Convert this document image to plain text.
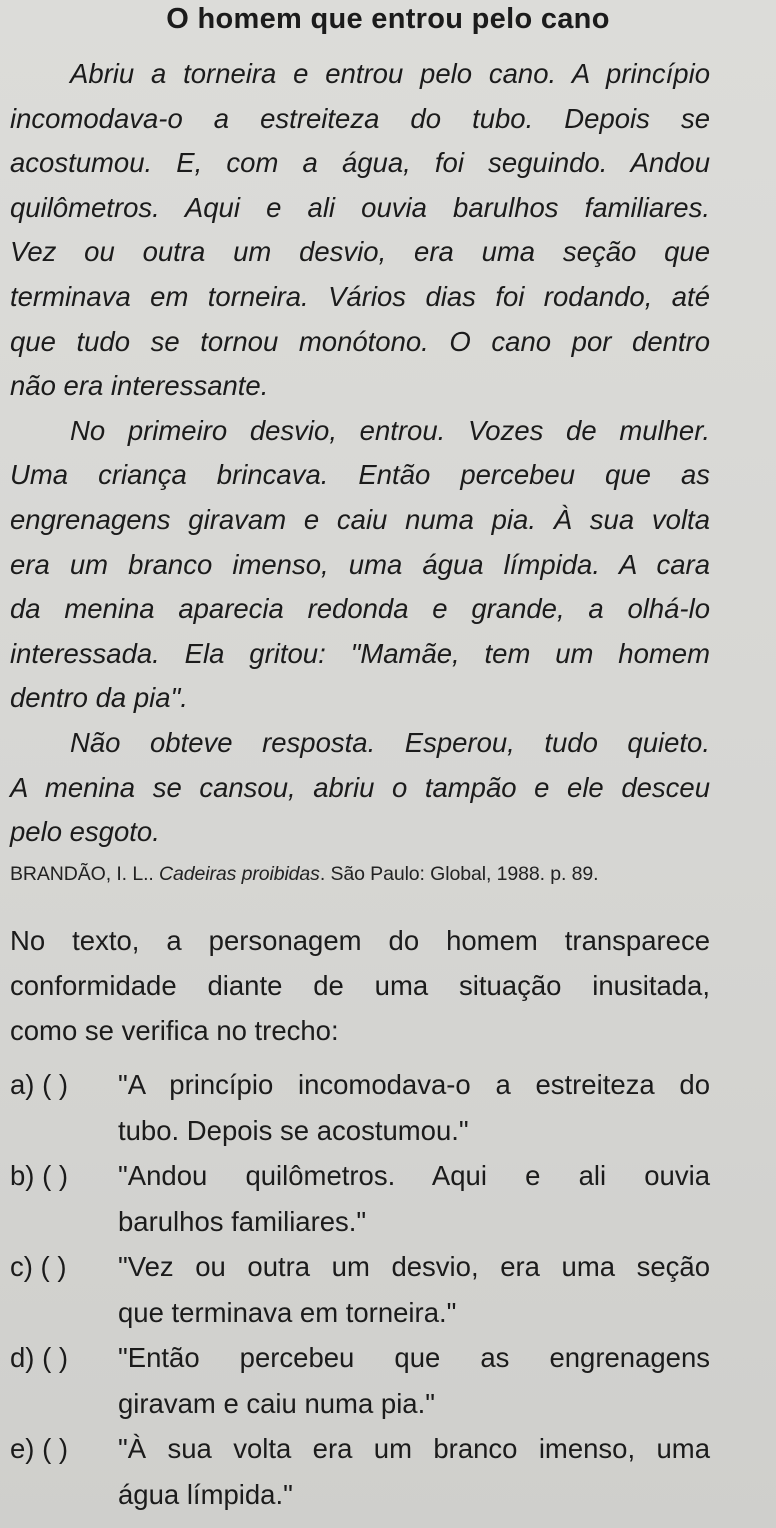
O homem que entrou pelo cano
Abriu a torneira e entrou pelo cano. A princípio
incomodava-o a estreiteza do tubo. Depois se
acostumou. E, com a água, foi seguindo. Andou
quilômetros. Aqui e ali ouvia barulhos familiares.
Vez ou outra um desvio, era uma seção que
terminava em torneira. Vários dias foi rodando, até
que tudo se tornou monótono. O cano por dentro
não era interessante.
No primeiro desvio, entrou. Vozes de mulher.
Uma criança brincava. Então percebeu que as
engrenagens giravam e caiu numa pia. À sua volta
era um branco imenso, uma água límpida. A cara
da menina aparecia redonda e grande, a olhá-lo
interessada. Ela gritou: "Mamãe, tem um homem
dentro da pia".
Não obteve resposta. Esperou, tudo quieto.
A menina se cansou, abriu o tampão e ele desceu
pelo esgoto.
BRANDÃO, I. L.. Cadeiras proibidas. São Paulo: Global, 1988. p. 89.
No texto, a personagem do homem transparece
conformidade diante de uma situação inusitada,
como se verifica no trecho:
a) ( )	"A princípio incomodava-o a estreiteza do
tubo. Depois se acostumou."
b) ( )	"Andou quilômetros. Aqui e ali ouvia
barulhos familiares."
c) ( )	"Vez ou outra um desvio, era uma seção
que terminava em torneira."
d) ( )	"Então percebeu que as engrenagens
giravam e caiu numa pia."
e) ( )	"À sua volta era um branco imenso, uma
água límpida."
